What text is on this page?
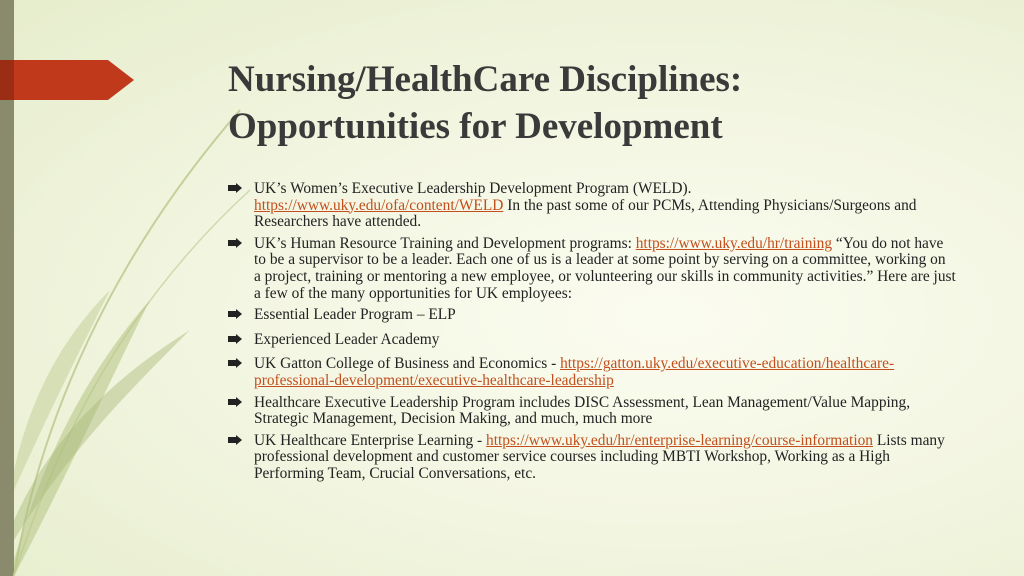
Nursing/HealthCare Disciplines:
Opportunities for Development
UK’s Women’s Executive Leadership Development Program (WELD).
https://www.uky.edu/ofa/content/WELD In the past some of our PCMs, Attending Physicians/Surgeons and Researchers have attended.
UK’s Human Resource Training and Development programs: https://www.uky.edu/hr/training “You do not have to be a supervisor to be a leader. Each one of us is a leader at some point by serving on a committee, working on a project, training or mentoring a new employee, or volunteering our skills in community activities.” Here are just a few of the many opportunities for UK employees:
Essential Leader Program – ELP
Experienced Leader Academy
UK Gatton College of Business and Economics - https://gatton.uky.edu/executive-education/healthcare-professional-development/executive-healthcare-leadership
Healthcare Executive Leadership Program includes DISC Assessment, Lean Management/Value Mapping, Strategic Management, Decision Making, and much, much more
UK Healthcare Enterprise Learning - https://www.uky.edu/hr/enterprise-learning/course-information Lists many professional development and customer service courses including MBTI Workshop, Working as a High Performing Team, Crucial Conversations, etc.
